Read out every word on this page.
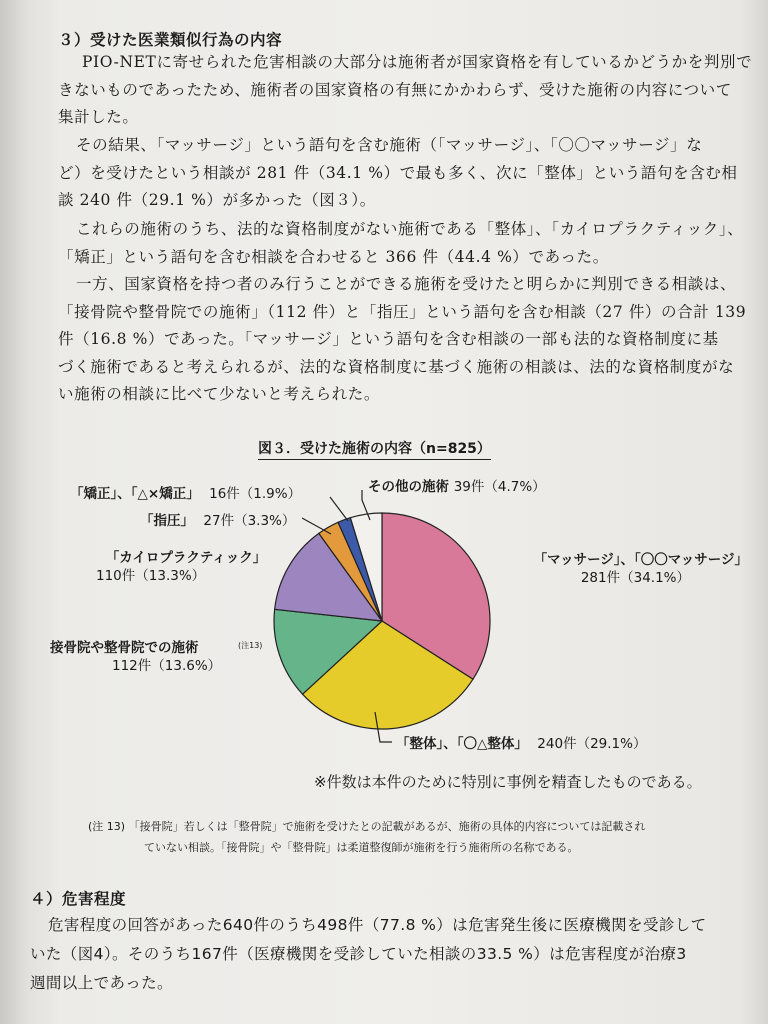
３）受けた医業類似行為の内容

PIO-NETに寄せられた危害相談の大部分は施術者が国家資格を有しているかどうかを判別で
きないものであったため、施術者の国家資格の有無にかかわらず、受けた施術の内容について
集計した。

その結果、「マッサージ」という語句を含む施術（「マッサージ」、「〇〇マッサージ」な
ど）を受けたという相談が 281 件（34.1 %）で最も多く、次に「整体」という語句を含む相
談 240 件（29.1 %）が多かった（図３）。

これらの施術のうち、法的な資格制度がない施術である「整体」、「カイロプラクティック」、
「矯正」という語句を含む相談を合わせると 366 件（44.4 %）であった。

一方、国家資格を持つ者のみ行うことができる施術を受けたと明らかに判別できる相談は、
「接骨院や整骨院での施術」（112 件）と「指圧」という語句を含む相談（27 件）の合計 139
件（16.8 %）であった。「マッサージ」という語句を含む相談の一部も法的な資格制度に基
づく施術であると考えられるが、法的な資格制度に基づく施術の相談は、法的な資格制度がな
い施術の相談に比べて少ないと考えられた。

図３．受けた施術の内容（n=825）
その他の施術 39件（4.7%）
「矯正」、「△×矯正」 16件（1.9%）
「指圧」 27件（3.3%）
「カイロプラクティック」
110件（13.3%）
接骨院や整骨院での施術
112件（13.6%）
(注13)
「マッサージ」、「〇〇マッサージ」
281件（34.1%）
「整体」、「〇△整体」 240件（29.1%）
※件数は本件のために特別に事例を精査したものである。
(注 13) 「接骨院」若しくは「整骨院」で施術を受けたとの記載があるが、施術の具体的内容については記載され
ていない相談。「接骨院」や「整骨院」は柔道整復師が施術を行う施術所の名称である。
４）危害程度
危害程度の回答があった640件のうち498件（77.8 %）は危害発生後に医療機関を受診して
いた（図4）。そのうち167件（医療機関を受診していた相談の33.5 %）は危害程度が治療3
週間以上であった。
